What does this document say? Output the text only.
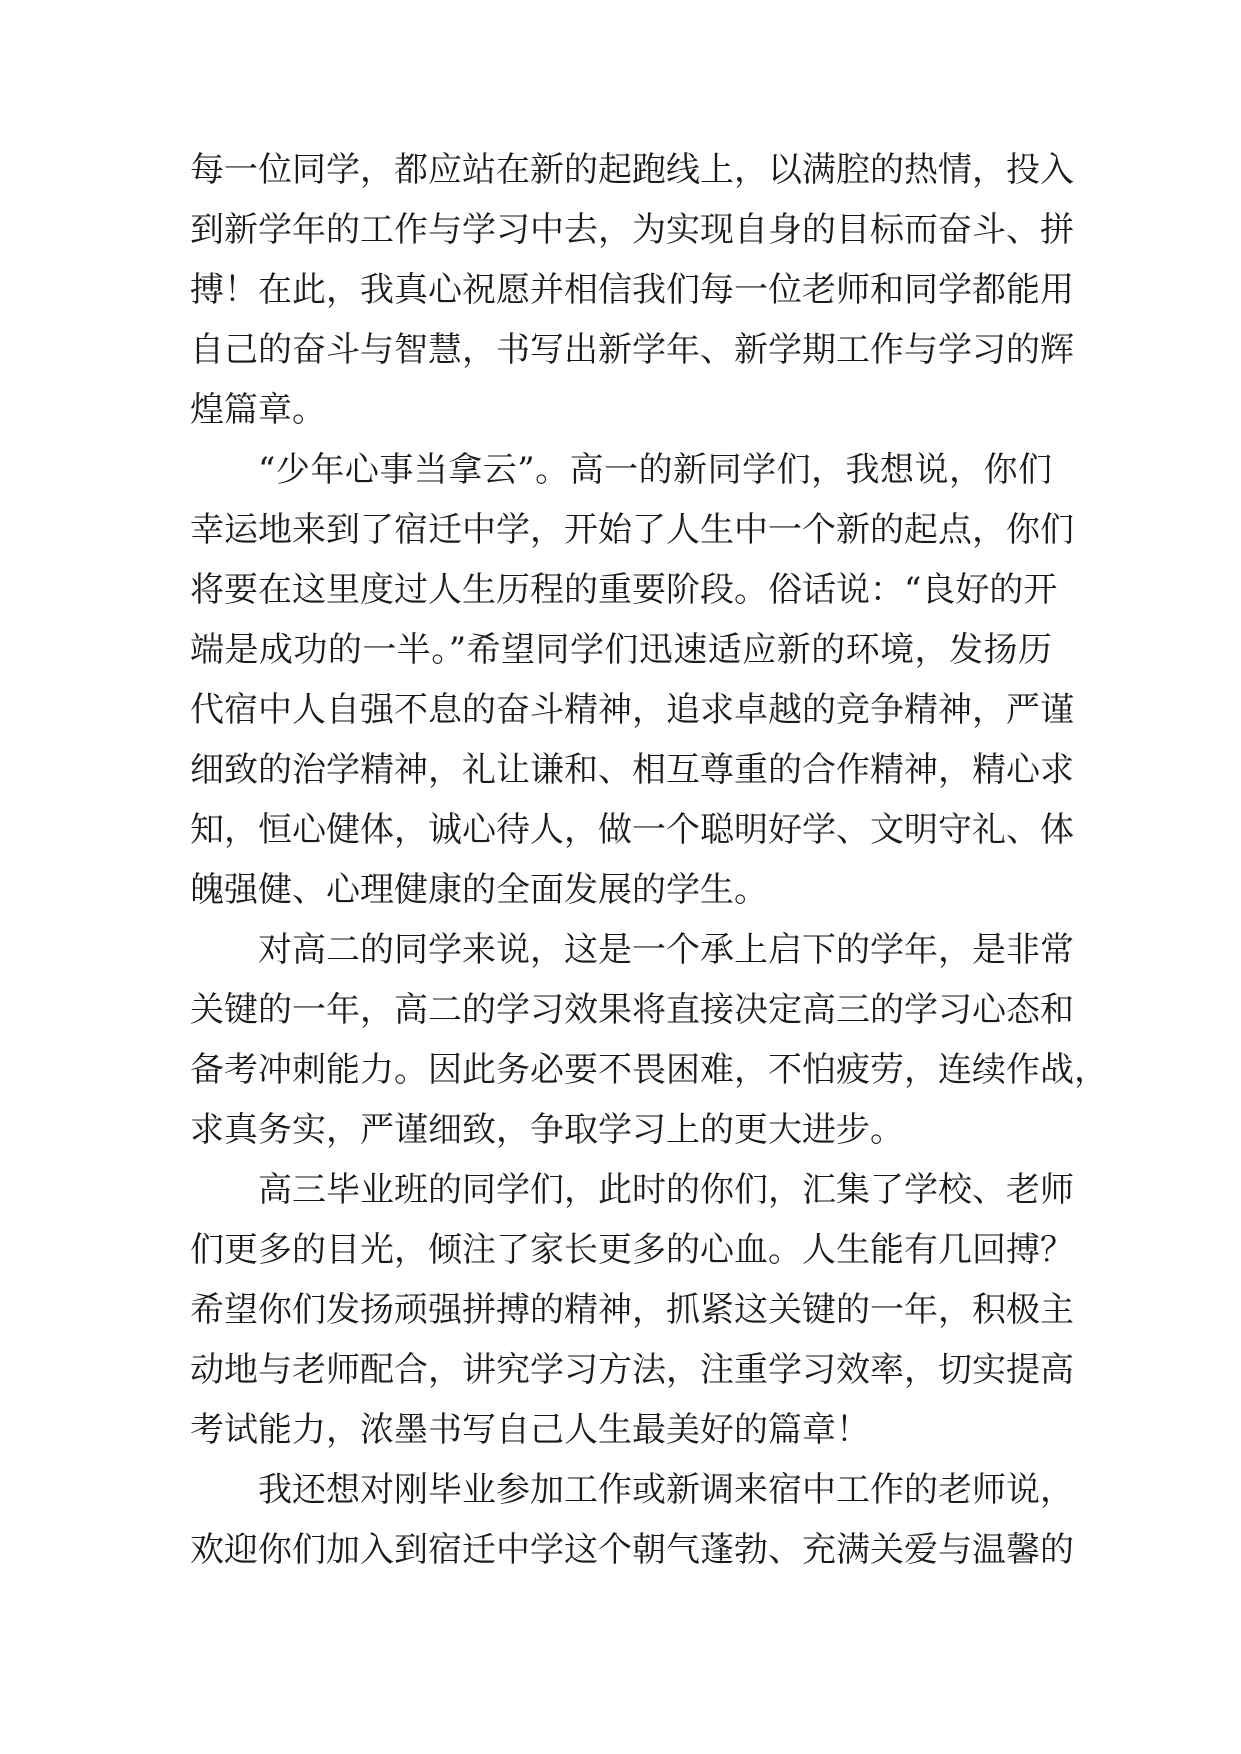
每一位同学，都应站在新的起跑线上，以满腔的热情，投入
到新学年的工作与学习中去，为实现自身的目标而奋斗、拼
搏！在此，我真心祝愿并相信我们每一位老师和同学都能用
自己的奋斗与智慧，书写出新学年、新学期工作与学习的辉
煌篇章。
“少年心事当拿云”。高一的新同学们，我想说，你们
幸运地来到了宿迁中学，开始了人生中一个新的起点，你们
将要在这里度过人生历程的重要阶段。俗话说：“良好的开
端是成功的一半。”希望同学们迅速适应新的环境，发扬历
代宿中人自强不息的奋斗精神，追求卓越的竞争精神，严谨
细致的治学精神，礼让谦和、相互尊重的合作精神，精心求
知，恒心健体，诚心待人，做一个聪明好学、文明守礼、体
魄强健、心理健康的全面发展的学生。
对高二的同学来说，这是一个承上启下的学年，是非常
关键的一年，高二的学习效果将直接决定高三的学习心态和
备考冲刺能力。因此务必要不畏困难，不怕疲劳，连续作战，
求真务实，严谨细致，争取学习上的更大进步。
高三毕业班的同学们，此时的你们，汇集了学校、老师
们更多的目光，倾注了家长更多的心血。人生能有几回搏？
希望你们发扬顽强拼搏的精神，抓紧这关键的一年，积极主
动地与老师配合，讲究学习方法，注重学习效率，切实提高
考试能力，浓墨书写自己人生最美好的篇章！
我还想对刚毕业参加工作或新调来宿中工作的老师说，
欢迎你们加入到宿迁中学这个朝气蓬勃、充满关爱与温馨的
